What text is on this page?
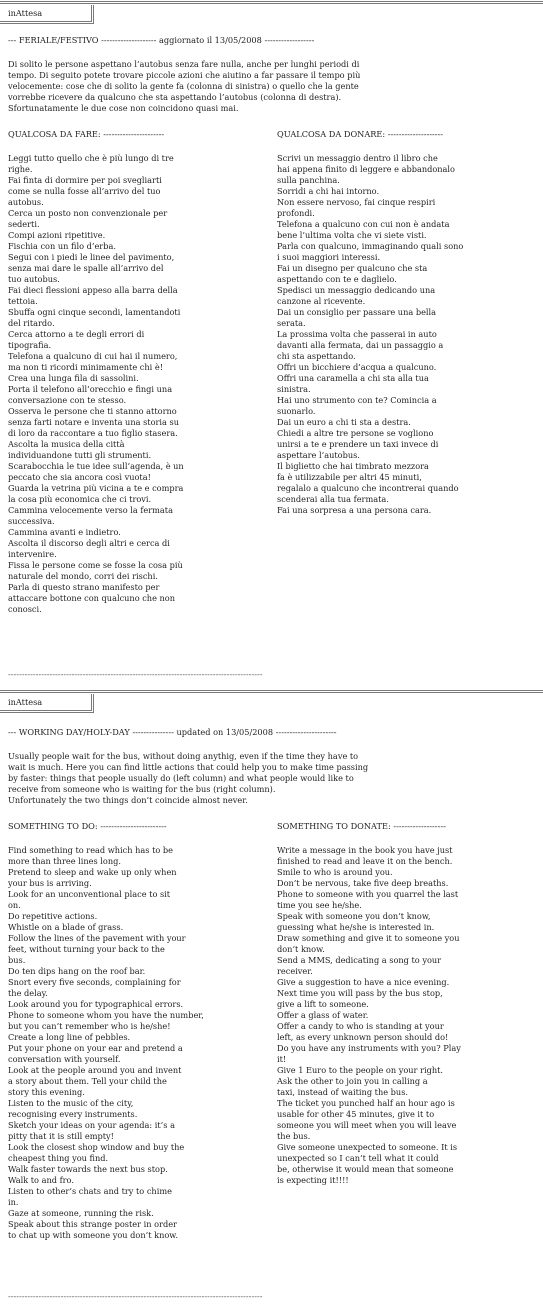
inAttesa
--- FERIALE/FESTIVO -------------------- aggiornato il 13/05/2008 ------------------

Di solito le persone aspettano l’autobus senza fare nulla, anche per lunghi periodi di

tempo. Di seguito potete trovare piccole azioni che aiutino a far passare il tempo più

velocemente: cose che di solito la gente fa (colonna di sinistra) o quello che la gente

vorrebbe ricevere da qualcuno che sta aspettando l’autobus (colonna di destra).

Sfortunatamente le due cose non coincidono quasi mai.

QUALCOSA DA FARE: ----------------------	QUALCOSA DA DONARE: --------------------

Leggi tutto quello che è più lungo di tre

righe.

Fai finta di dormire per poi svegliarti

come se nulla fosse all’arrivo del tuo

autobus.

Cerca un posto non convenzionale per

sederti.

Compi azioni ripetitive.

Fischia con un filo d’erba.

Segui con i piedi le linee del pavimento,

senza mai dare le spalle all’arrivo del

tuo autobus.

Fai dieci flessioni appeso alla barra della

tettoia.

Sbuffa ogni cinque secondi, lamentandoti

del ritardo.

Cerca attorno a te degli errori di

tipografia.

Telefona a qualcuno di cui hai il numero,

ma non ti ricordi minimamente chi è!

Crea una lunga fila di sassolini.

Porta il telefono all’orecchio e fingi una

conversazione con te stesso.

Osserva le persone che ti stanno attorno

senza farti notare e inventa una storia su

di loro da raccontare a tuo figlio stasera.

Ascolta la musica della città

individuandone tutti gli strumenti.

Scarabocchia le tue idee sull’agenda, è un

peccato che sia ancora così vuota!

Guarda la vetrina più vicina a te e compra

la cosa più economica che ci trovi.

Cammina velocemente verso la fermata

successiva.

Cammina avanti e indietro.

Ascolta il discorso degli altri e cerca di

intervenire.

Fissa le persone come se fosse la cosa più

naturale del mondo, corri dei rischi.

Parla di questo strano manifesto per

attaccare bottone con qualcuno che non

conosci.

Scrivi un messaggio dentro il libro che

hai appena finito di leggere e abbandonalo

sulla panchina.

Sorridi a chi hai intorno.

Non essere nervoso, fai cinque respiri

profondi.

Telefona a qualcuno con cui non è andata

bene l’ultima volta che vi siete visti.

Parla con qualcuno, immaginando quali sono

i suoi maggiori interessi.

Fai un disegno per qualcuno che sta

aspettando con te e daglielo.

Spedisci un messaggio dedicando una

canzone al ricevente.

Dai un consiglio per passare una bella

serata.

La prossima volta che passerai in auto

davanti alla fermata, dai un passaggio a

chi sta aspettando.

Offri un bicchiere d’acqua a qualcuno.

Offri una caramella a chi sta alla tua

sinistra.

Hai uno strumento con te? Comincia a

suonarlo.

Dai un euro a chi ti sta a destra.

Chiedi a altre tre persone se vogliono

unirsi a te e prendere un taxi invece di

aspettare l’autobus.

Il biglietto che hai timbrato mezzora

fa è utilizzabile per altri 45 minuti,

regalalo a qualcuno che incontrerai quando

scenderai alla tua fermata.

Fai una sorpresa a una persona cara.

--------------------------------------------------------------------------------------------
inAttesa
--- WORKING DAY/HOLY-DAY --------------- updated on 13/05/2008 ----------------------

Usually people wait for the bus, without doing anythig, even if the time they have to

wait is much. Here you can find little actions that could help you to make time passing

by faster: things that people usually do (left column) and what people would like to

receive from someone who is waiting for the bus (right column).

Unfortunately the two things don’t coincide almost never.

SOMETHING TO DO: ------------------------	SOMETHING TO DONATE: -------------------

Find something to read which has to be

more than three lines long.

Pretend to sleep and wake up only when

your bus is arriving.

Look for an unconventional place to sit

on.

Do repetitive actions.

Whistle on a blade of grass.

Follow the lines of the pavement with your

feet, without turning your back to the

bus.

Do ten dips hang on the roof bar.

Snort every five seconds, complaining for

the delay.

Look around you for typographical errors.

Phone to someone whom you have the number,

but you can’t remember who is he/she!

Create a long line of pebbles.

Put your phone on your ear and pretend a

conversation with yourself.

Look at the people around you and invent

a story about them. Tell your child the

story this evening.

Listen to the music of the city,

recognising every instruments.

Sketch your ideas on your agenda: it’s a

pitty that it is still empty!

Look the closest shop window and buy the

cheapest thing you find.

Walk faster towards the next bus stop.

Walk to and fro.

Listen to other’s chats and try to chime

in.

Gaze at someone, running the risk.

Speak about this strange poster in order

to chat up with someone you don’t know.

Write a message in the book you have just

finished to read and leave it on the bench.

Smile to who is around you.

Don’t be nervous, take five deep breaths.

Phone to someone with you quarrel the last

time you see he/she.

Speak with someone you don’t know,

guessing what he/she is interested in.

Draw something and give it to someone you

don’t know.

Send a MMS, dedicating a song to your

receiver.

Give a suggestion to have a nice evening.

Next time you will pass by the bus stop,

give a lift to someone.

Offer a glass of water.

Offer a candy to who is standing at your

left, as every unknown person should do!

Do you have any instruments with you? Play

it!

Give 1 Euro to the people on your right.

Ask the other to join you in calling a

taxi, instead of waiting the bus.

The ticket you punched half an hour ago is

usable for other 45 minutes, give it to

someone you will meet when you will leave

the bus.

Give someone unexpected to someone. It is

unexpected so I can’t tell what it could

be, otherwise it would mean that someone

is expecting it!!!!

--------------------------------------------------------------------------------------------
